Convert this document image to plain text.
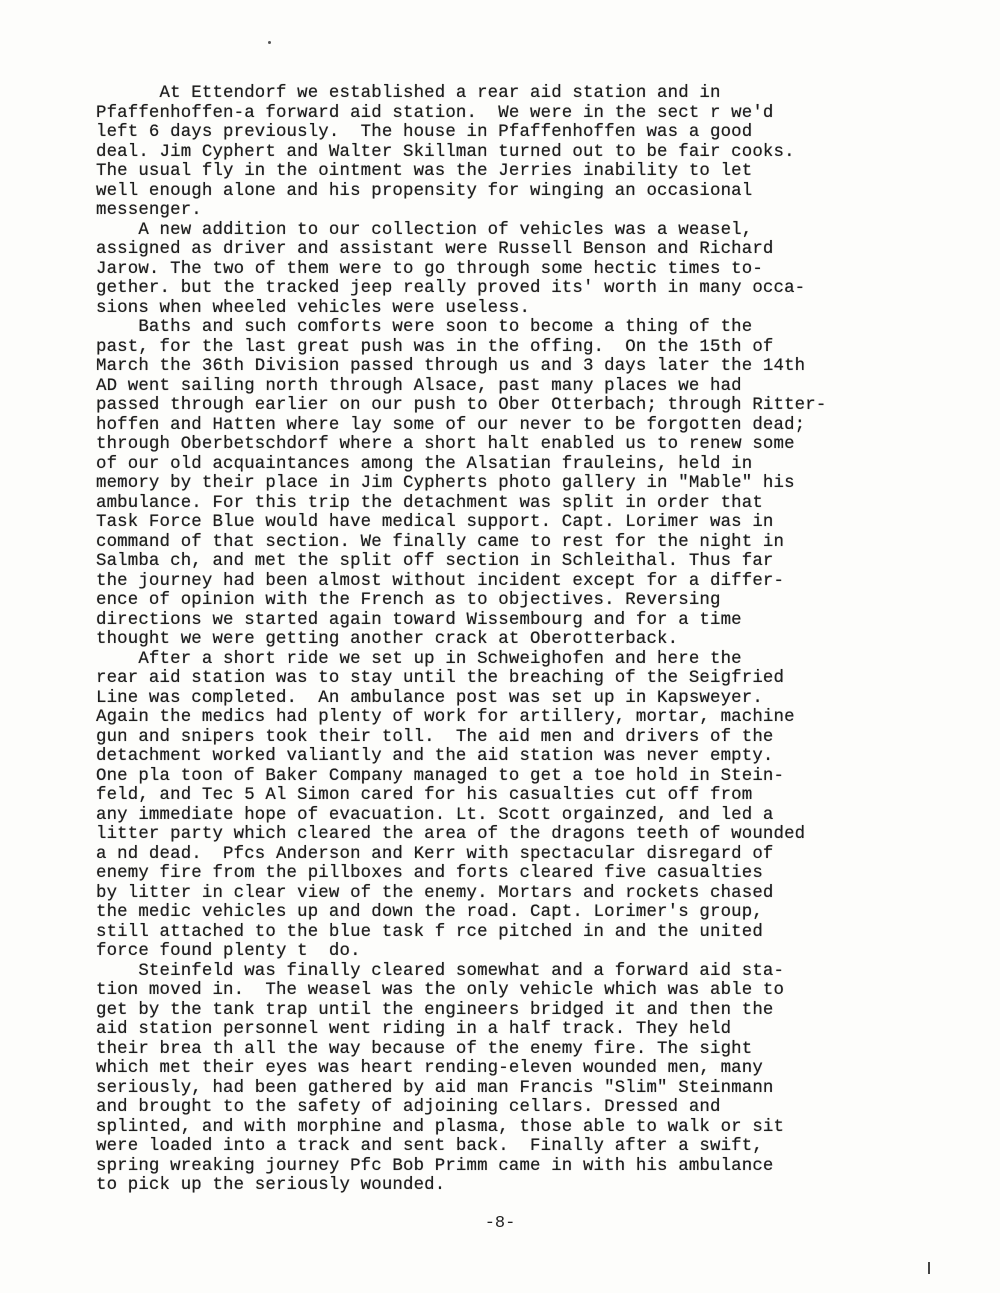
At Ettendorf we established a rear aid station and in
Pfaffenhoffen-a forward aid station.  We were in the sect r we'd
left 6 days previously.  The house in Pfaffenhoffen was a good
deal. Jim Cyphert and Walter Skillman turned out to be fair cooks.
The usual fly in the ointment was the Jerries inability to let
well enough alone and his propensity for winging an occasional
messenger.
A new addition to our collection of vehicles was a weasel,
assigned as driver and assistant were Russell Benson and Richard
Jarow. The two of them were to go through some hectic times to-
gether. but the tracked jeep really proved its' worth in many occa-
sions when wheeled vehicles were useless.
Baths and such comforts were soon to become a thing of the
past, for the last great push was in the offing.  On the 15th of
March the 36th Division passed through us and 3 days later the 14th
AD went sailing north through Alsace, past many places we had
passed through earlier on our push to Ober Otterbach; through Ritter-
hoffen and Hatten where lay some of our never to be forgotten dead;
through Oberbetschdorf where a short halt enabled us to renew some
of our old acquaintances among the Alsatian frauleins, held in
memory by their place in Jim Cypherts photo gallery in "Mable" his
ambulance. For this trip the detachment was split in order that
Task Force Blue would have medical support. Capt. Lorimer was in
command of that section. We finally came to rest for the night in
Salmba ch, and met the split off section in Schleithal. Thus far
the journey had been almost without incident except for a differ-
ence of opinion with the French as to objectives. Reversing
directions we started again toward Wissembourg and for a time
thought we were getting another crack at Oberotterback.
After a short ride we set up in Schweighofen and here the
rear aid station was to stay until the breaching of the Seigfried
Line was completed.  An ambulance post was set up in Kapsweyer.
Again the medics had plenty of work for artillery, mortar, machine
gun and snipers took their toll.  The aid men and drivers of the
detachment worked valiantly and the aid station was never empty.
One pla toon of Baker Company managed to get a toe hold in Stein-
feld, and Tec 5 Al Simon cared for his casualties cut off from
any immediate hope of evacuation. Lt. Scott orgainzed, and led a
litter party which cleared the area of the dragons teeth of wounded
a nd dead.  Pfcs Anderson and Kerr with spectacular disregard of
enemy fire from the pillboxes and forts cleared five casualties
by litter in clear view of the enemy. Mortars and rockets chased
the medic vehicles up and down the road. Capt. Lorimer's group,
still attached to the blue task f rce pitched in and the united
force found plenty t  do.
Steinfeld was finally cleared somewhat and a forward aid sta-
tion moved in.  The weasel was the only vehicle which was able to
get by the tank trap until the engineers bridged it and then the
aid station personnel went riding in a half track. They held
their brea th all the way because of the enemy fire. The sight
which met their eyes was heart rending-eleven wounded men, many
seriously, had been gathered by aid man Francis "Slim" Steinmann
and brought to the safety of adjoining cellars. Dressed and
splinted, and with morphine and plasma, those able to walk or sit
were loaded into a track and sent back.  Finally after a swift,
spring wreaking journey Pfc Bob Primm came in with his ambulance
to pick up the seriously wounded.
-8-
